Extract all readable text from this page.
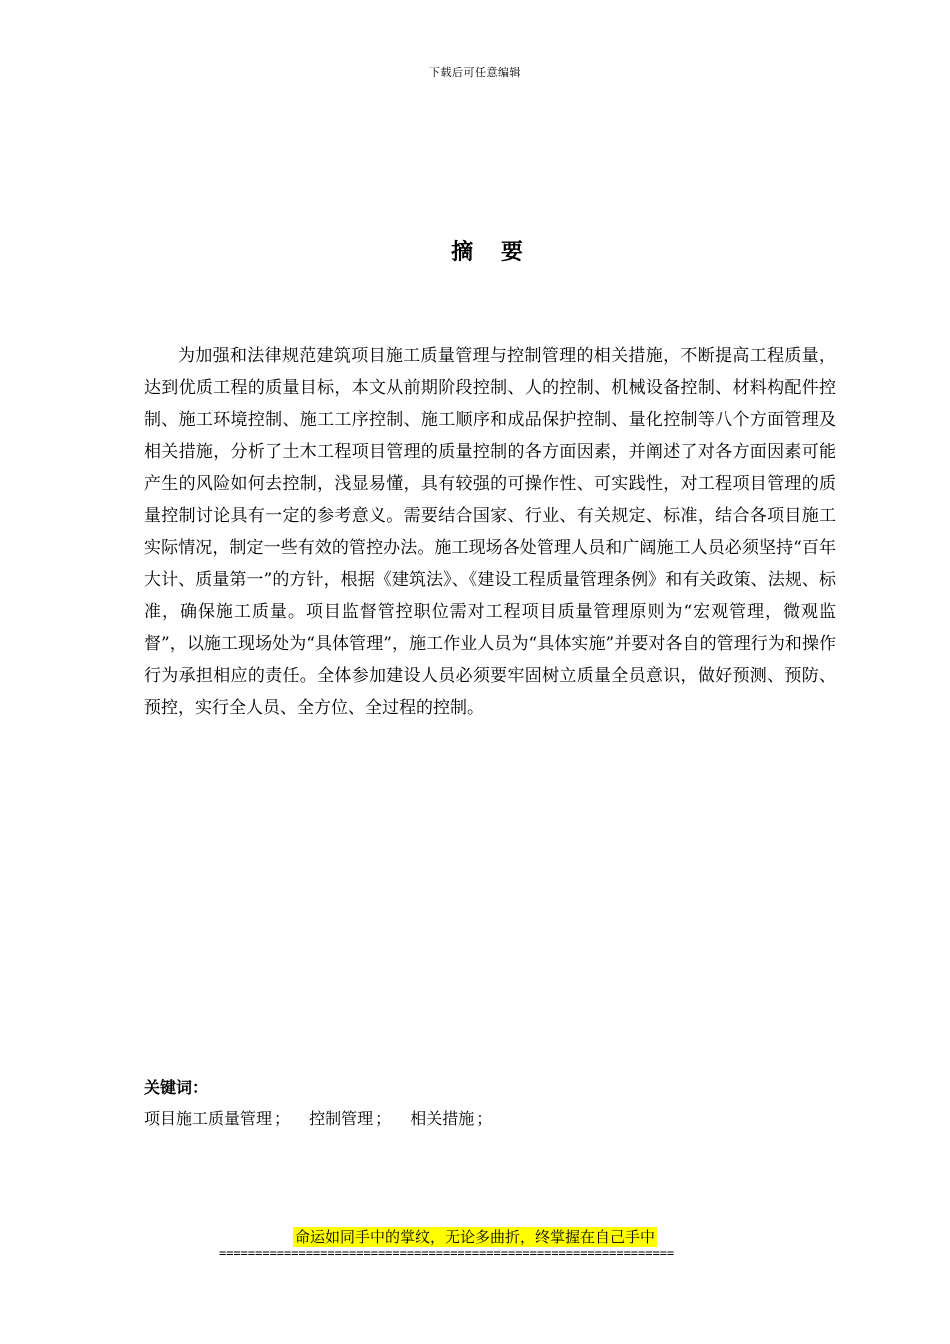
下载后可任意编辑
摘 要

为加强和法律规范建筑项目施工质量管理与控制管理的相关措施，不断提高工程质量，达到优质工程的质量目标，本文从前期阶段控制、人的控制、机械设备控制、材料构配件控制、施工环境控制、施工工序控制、施工顺序和成品保护控制、量化控制等八个方面管理及相关措施，分析了土木工程项目管理的质量控制的各方面因素，并阐述了对各方面因素可能产生的风险如何去控制，浅显易懂，具有较强的可操作性、可实践性，对工程项目管理的质量控制讨论具有一定的参考意义。需要结合国家、行业、有关规定、标准，结合各项目施工实际情况，制定一些有效的管控办法。施工现场各处管理人员和广阔施工人员必须坚持“百年大计、质量第一”的方针，根据《建筑法》、《建设工程质量管理条例》和有关政策、法规、标准，确保施工质量。项目监督管控职位需对工程项目质量管理原则为“宏观管理，微观监督”，以施工现场处为“具体管理”，施工作业人员为“具体实施”并要对各自的管理行为和操作行为承担相应的责任。全体参加建设人员必须要牢固树立质量全员意识，做好预测、预防、预控，实行全人员、全方位、全过程的控制。

关键词：
项目施工质量管理 ； 控制管理 ； 相关措施 ；
命运如同手中的掌纹，无论多曲折，终掌握在自己手中
===============================================================
